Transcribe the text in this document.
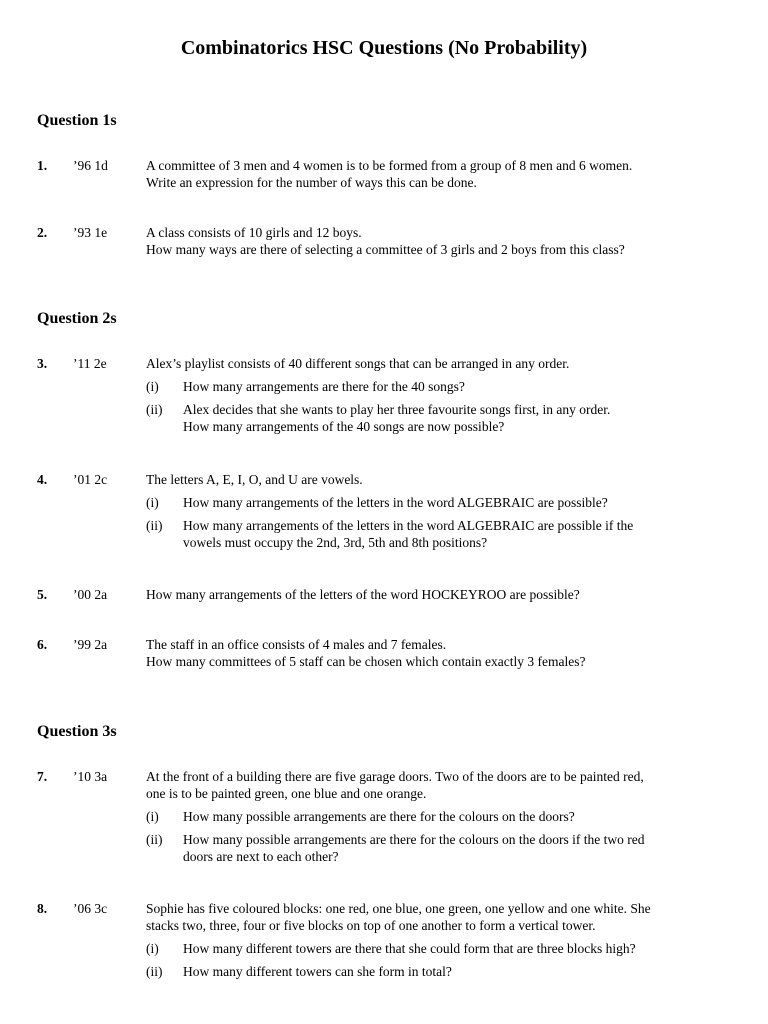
Combinatorics HSC Questions (No Probability)
Question 1s
1. ’96 1d	A committee of 3 men and 4 women is to be formed from a group of 8 men and 6 women.
Write an expression for the number of ways this can be done.
2. ’93 1e	A class consists of 10 girls and 12 boys.
How many ways are there of selecting a committee of 3 girls and 2 boys from this class?
Question 2s
3. ’11 2e	Alex’s playlist consists of 40 different songs that can be arranged in any order.
(i) How many arrangements are there for the 40 songs?
(ii) Alex decides that she wants to play her three favourite songs first, in any order.
How many arrangements of the 40 songs are now possible?
4. ’01 2c	The letters A, E, I, O, and U are vowels.
(i) How many arrangements of the letters in the word ALGEBRAIC are possible?
(ii) How many arrangements of the letters in the word ALGEBRAIC are possible if the
vowels must occupy the 2nd, 3rd, 5th and 8th positions?
5. ’00 2a	How many arrangements of the letters of the word HOCKEYROO are possible?
6. ’99 2a	The staff in an office consists of 4 males and 7 females.
How many committees of 5 staff can be chosen which contain exactly 3 females?
Question 3s
7. ’10 3a	At the front of a building there are five garage doors. Two of the doors are to be painted red,
one is to be painted green, one blue and one orange.
(i) How many possible arrangements are there for the colours on the doors?
(ii) How many possible arrangements are there for the colours on the doors if the two red
doors are next to each other?
8. ’06 3c	Sophie has five coloured blocks: one red, one blue, one green, one yellow and one white. She
stacks two, three, four or five blocks on top of one another to form a vertical tower.
(i) How many different towers are there that she could form that are three blocks high?
(ii) How many different towers can she form in total?
